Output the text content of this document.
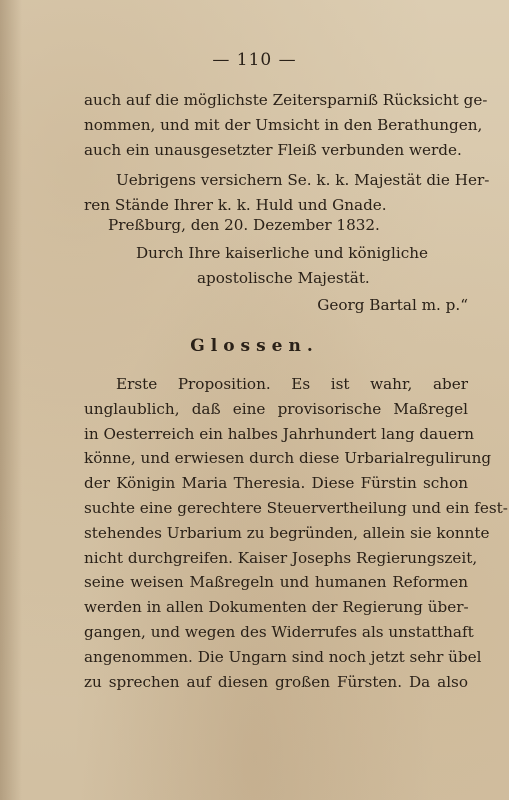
— 110 —
auch auf die möglichste Zeitersparniß Rücksicht ge-
nommen, und mit der Umsicht in den Berathungen,
auch ein unausgesetzter Fleiß verbunden werde.
Uebrigens versichern Se. k. k. Majestät die Her-
ren Stände Ihrer k. k. Huld und Gnade.
Preßburg, den 20. Dezember 1832.
Durch Ihre kaiserliche und königliche
apostolische Majestät.
Georg Bartal m. p.“
Glossen.
Erste Proposition. Es ist wahr, aber
unglaublich, daß eine provisorische Maßregel
in Oesterreich ein halbes Jahrhundert lang dauern
könne, und erwiesen durch diese Urbarialregulirung
der Königin Maria Theresia. Diese Fürstin schon
suchte eine gerechtere Steuervertheilung und ein fest-
stehendes Urbarium zu begründen, allein sie konnte
nicht durchgreifen. Kaiser Josephs Regierungszeit,
seine weisen Maßregeln und humanen Reformen
werden in allen Dokumenten der Regierung über-
gangen, und wegen des Widerrufes als unstatthaft
angenommen. Die Ungarn sind noch jetzt sehr übel
zu sprechen auf diesen großen Fürsten. Da also
